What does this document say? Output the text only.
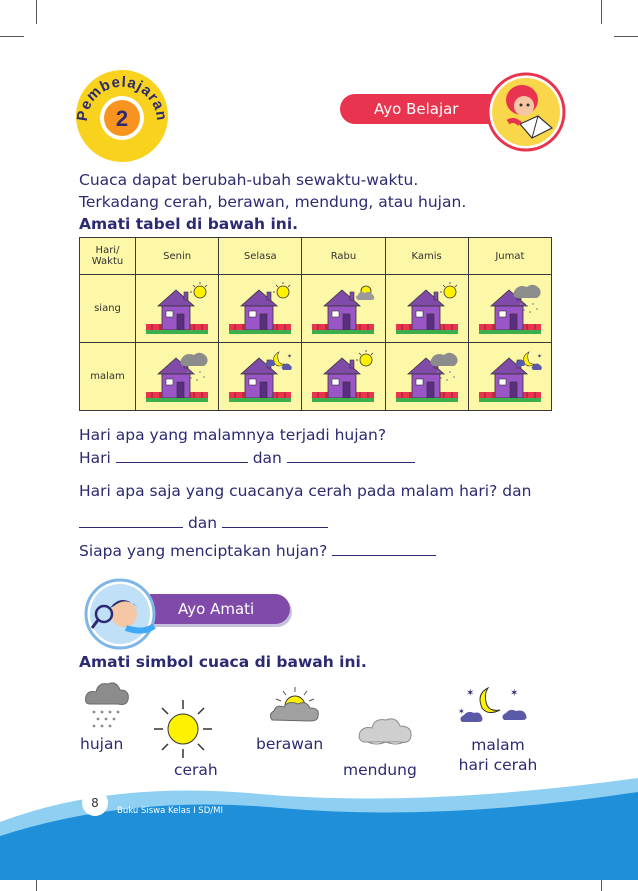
Pembelajaran
2	Ayo Belajar
Cuaca dapat berubah-ubah sewaktu-waktu.
Terkadang cerah, berawan, mendung, atau hujan.
Amati tabel di bawah ini.
Hari/
Waktu	Senin	Selasa	Rabu	Kamis	Jumat
siang	

malam		✶			✶
Hari apa yang malamnya terjadi hujan?
Hari	dan
Hari apa saja yang cuacanya cerah pada malam hari? dan
dan
Siapa yang menciptakan hujan?
Ayo Amati
Amati simbol cuaca di bawah ini.
hujan
cerah
berawan
mendung
✶	✶
✶
malam
hari cerah
8
Buku Siswa Kelas I SD/MI
